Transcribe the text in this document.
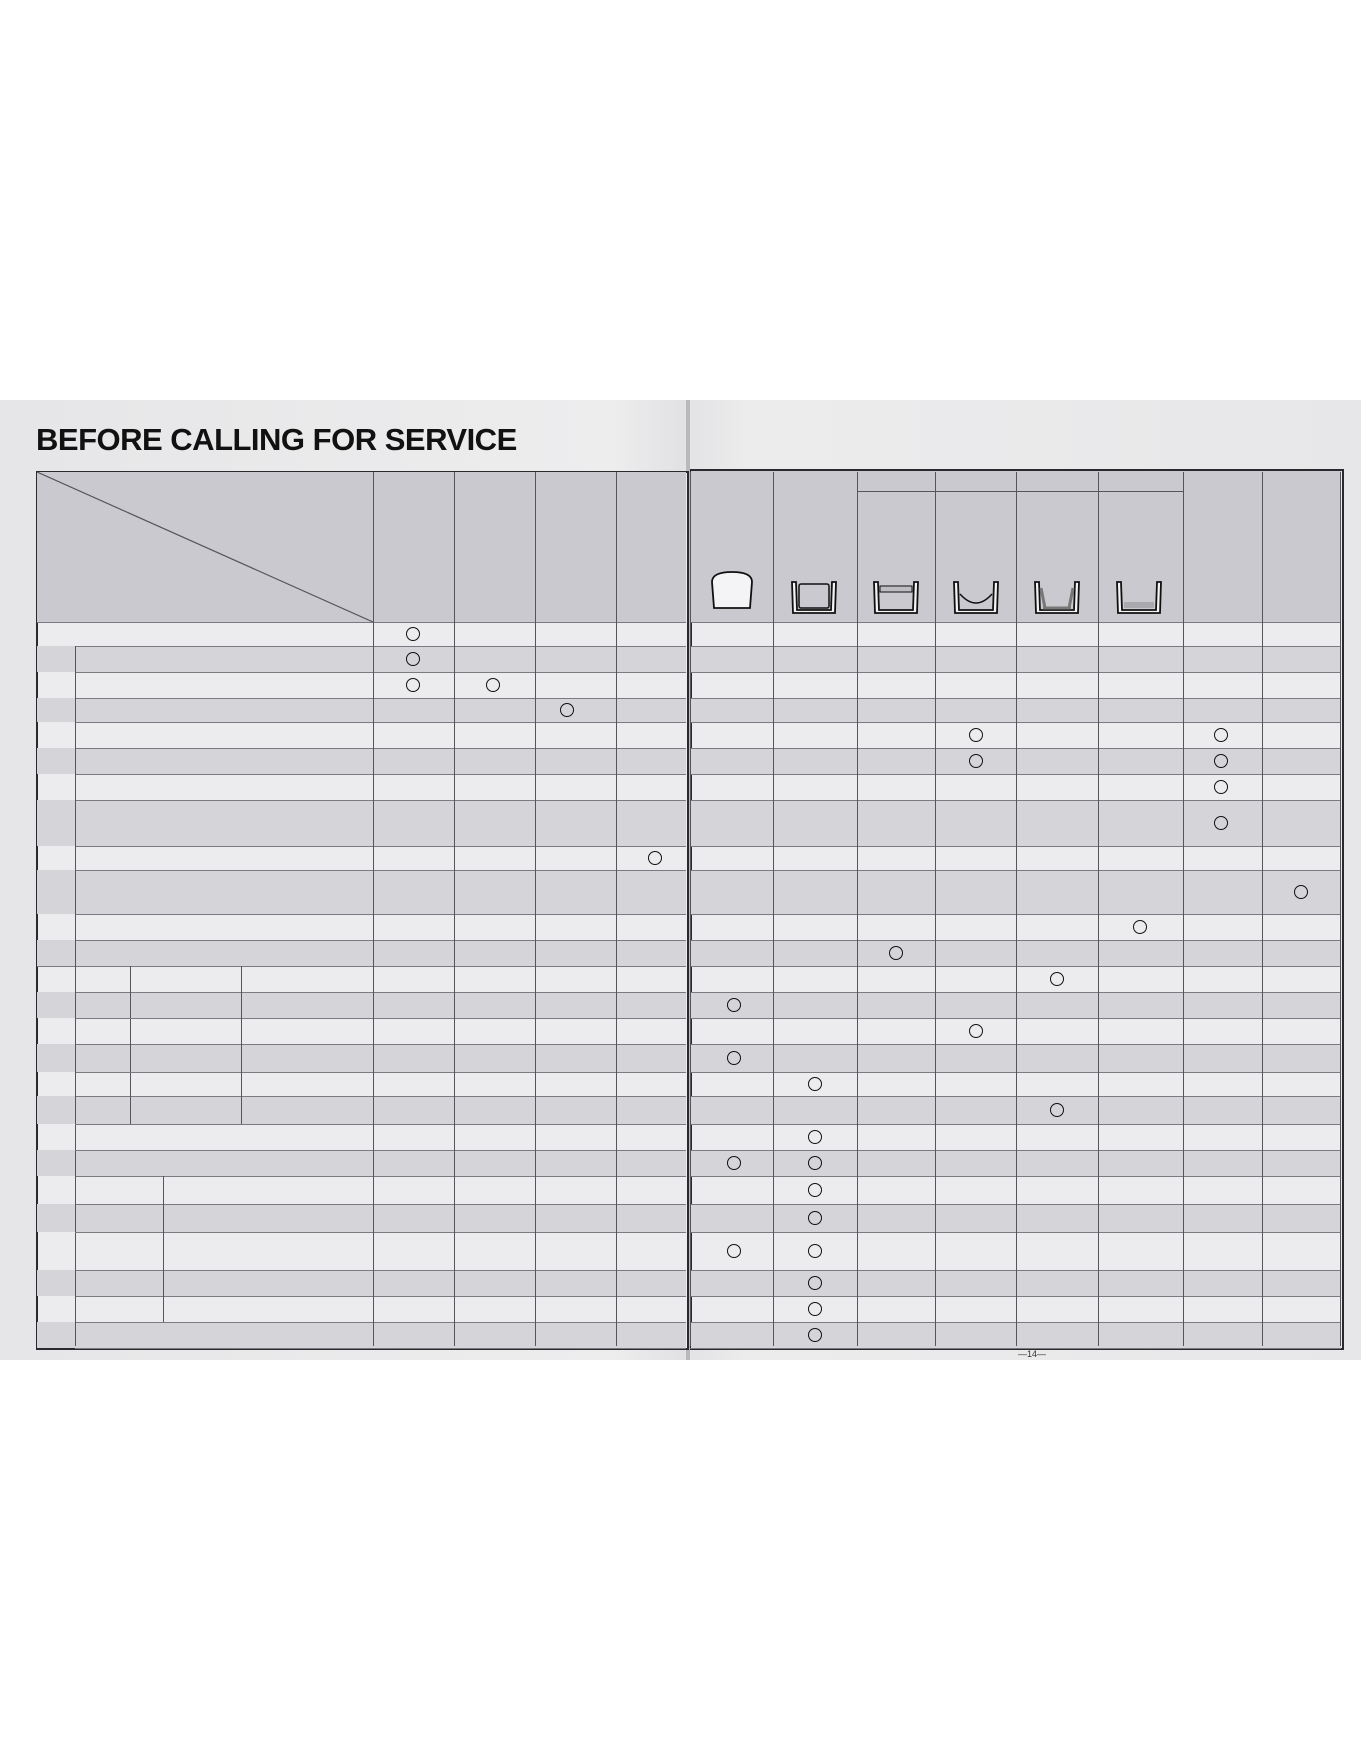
BEFORE CALLING FOR SERVICE
—14—
